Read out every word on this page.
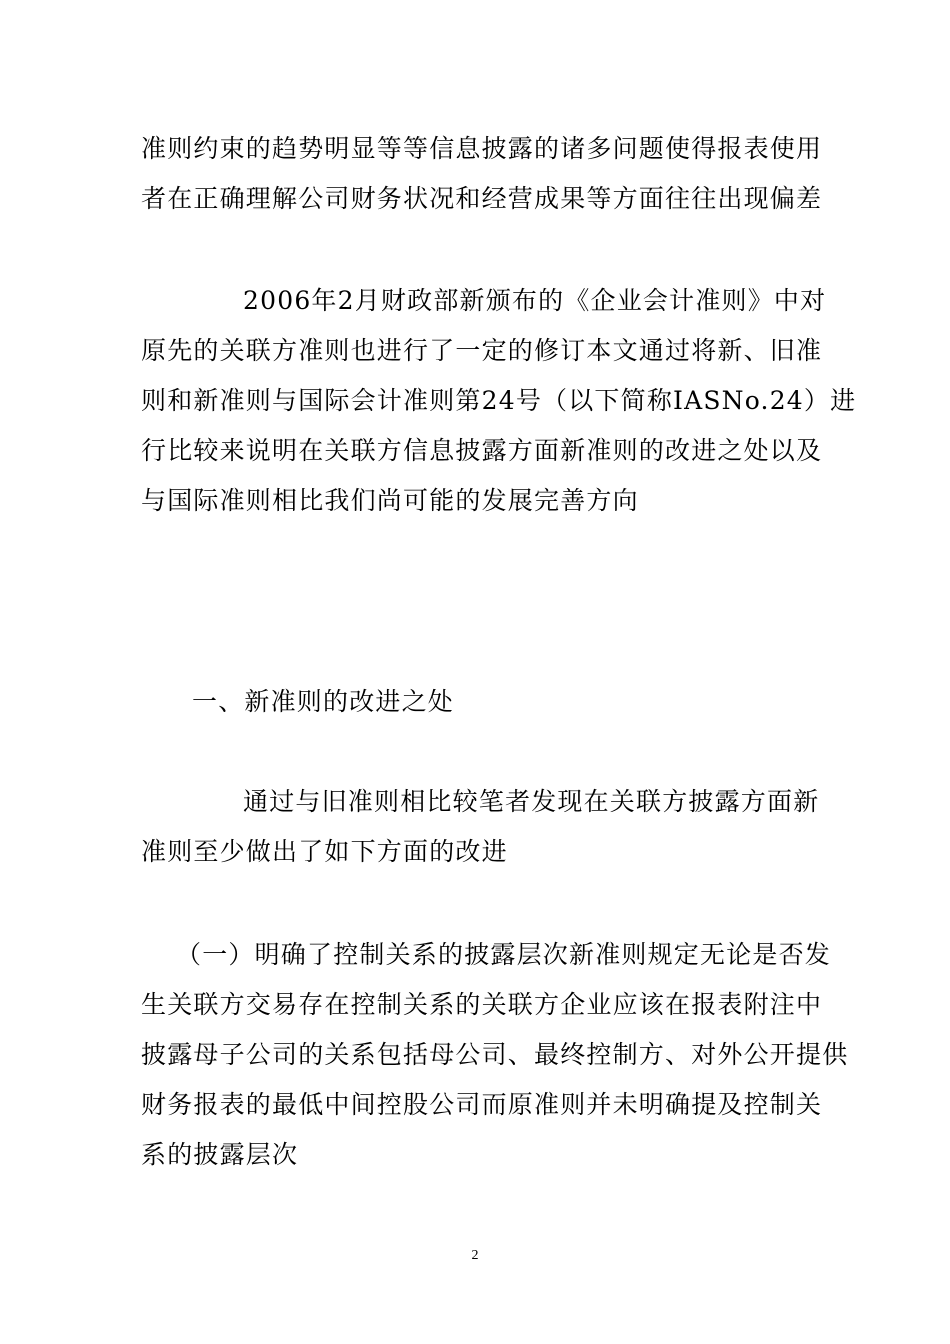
准则约束的趋势明显等等信息披露的诸多问题使得报表使用
者在正确理解公司财务状况和经营成果等方面往往出现偏差
2006年2月财政部新颁布的《企业会计准则》中对
原先的关联方准则也进行了一定的修订本文通过将新、旧准
则和新准则与国际会计准则第24号（以下简称IASNo.24）进
行比较来说明在关联方信息披露方面新准则的改进之处以及
与国际准则相比我们尚可能的发展完善方向
一、新准则的改进之处
通过与旧准则相比较笔者发现在关联方披露方面新
准则至少做出了如下方面的改进
（一）明确了控制关系的披露层次新准则规定无论是否发
生关联方交易存在控制关系的关联方企业应该在报表附注中
披露母子公司的关系包括母公司、最终控制方、对外公开提供
财务报表的最低中间控股公司而原准则并未明确提及控制关
系的披露层次
2
